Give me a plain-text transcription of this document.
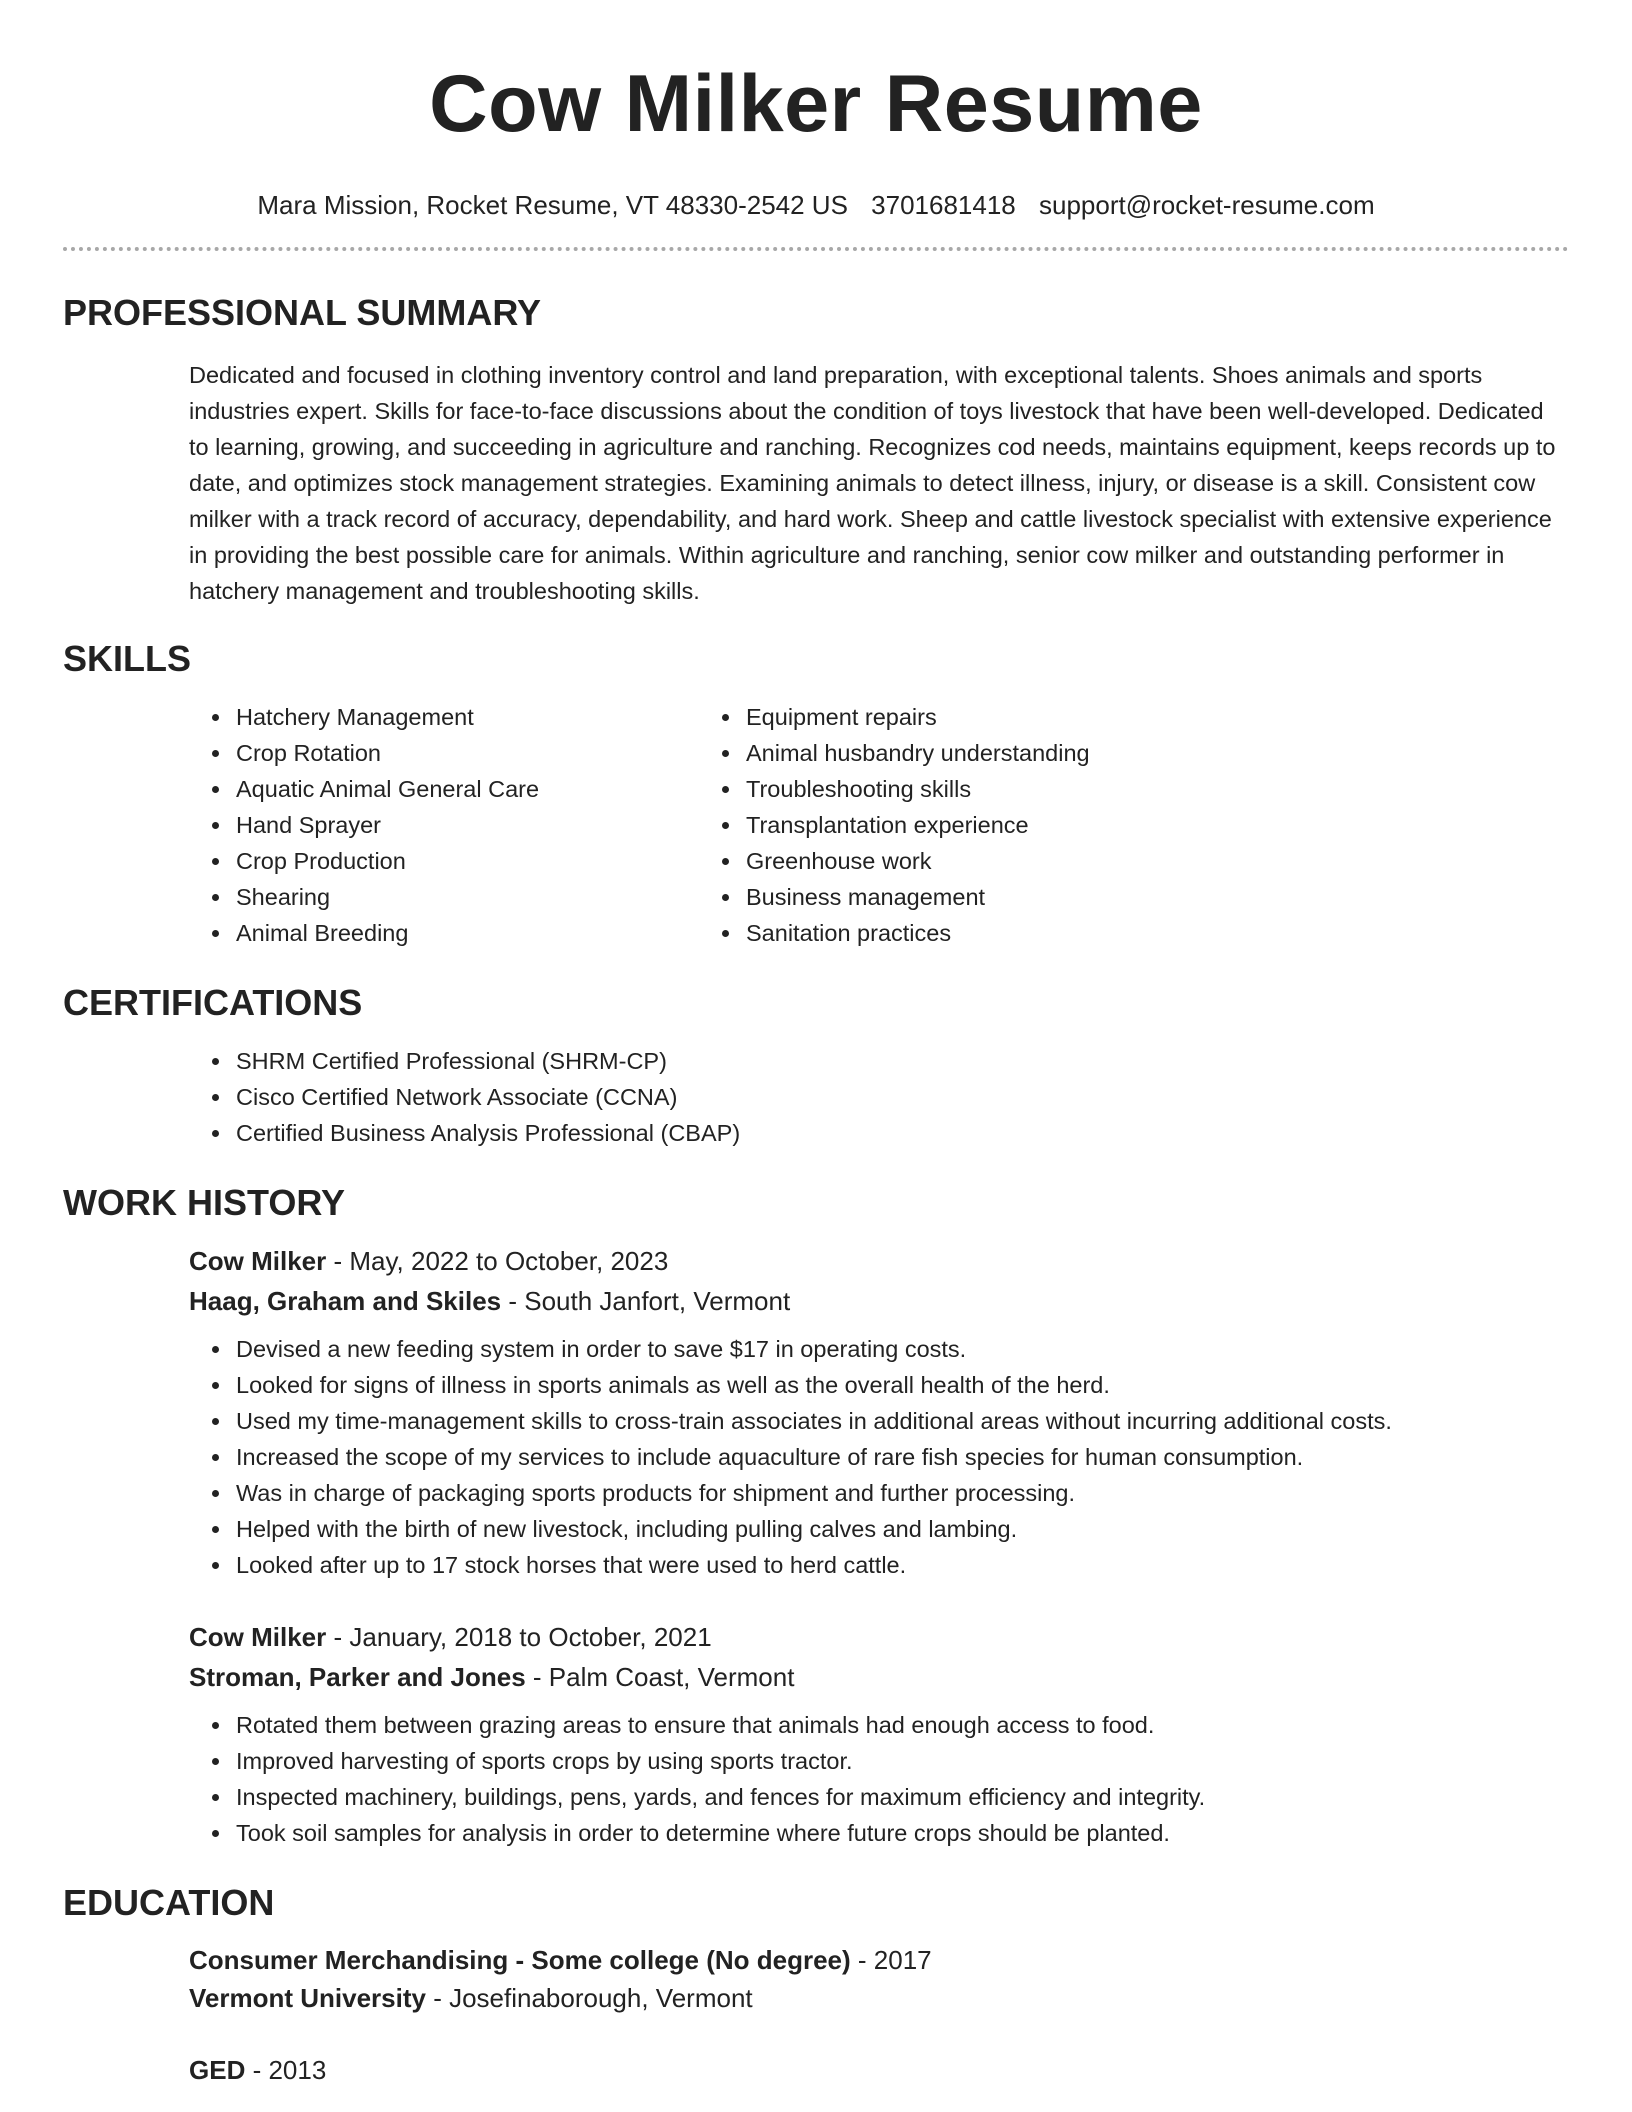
Cow Milker Resume
Mara Mission, Rocket Resume, VT 48330-2542 US 3701681418 support@rocket-resume.com
PROFESSIONAL SUMMARY

Dedicated and focused in clothing inventory control and land preparation, with exceptional talents. Shoes animals and sports industries expert. Skills for face-to-face discussions about the condition of toys livestock that have been well-developed. Dedicated to learning, growing, and succeeding in agriculture and ranching. Recognizes cod needs, maintains equipment, keeps records up to date, and optimizes stock management strategies. Examining animals to detect illness, injury, or disease is a skill. Consistent cow milker with a track record of accuracy, dependability, and hard work. Sheep and cattle livestock specialist with extensive experience in providing the best possible care for animals. Within agriculture and ranching, senior cow milker and outstanding performer in hatchery management and troubleshooting skills.

SKILLS
• Hatchery Management
• Crop Rotation
• Aquatic Animal General Care
• Hand Sprayer
• Crop Production
• Shearing
• Animal Breeding
• Equipment repairs
• Animal husbandry understanding
• Troubleshooting skills
• Transplantation experience
• Greenhouse work
• Business management
• Sanitation practices
CERTIFICATIONS
• SHRM Certified Professional (SHRM-CP)
• Cisco Certified Network Associate (CCNA)
• Certified Business Analysis Professional (CBAP)
WORK HISTORY
Cow Milker - May, 2022 to October, 2023
Haag, Graham and Skiles - South Janfort, Vermont
• Devised a new feeding system in order to save $17 in operating costs.
• Looked for signs of illness in sports animals as well as the overall health of the herd.
• Used my time-management skills to cross-train associates in additional areas without incurring additional costs.
• Increased the scope of my services to include aquaculture of rare fish species for human consumption.
• Was in charge of packaging sports products for shipment and further processing.
• Helped with the birth of new livestock, including pulling calves and lambing.
• Looked after up to 17 stock horses that were used to herd cattle.
Cow Milker - January, 2018 to October, 2021
Stroman, Parker and Jones - Palm Coast, Vermont
• Rotated them between grazing areas to ensure that animals had enough access to food.
• Improved harvesting of sports crops by using sports tractor.
• Inspected machinery, buildings, pens, yards, and fences for maximum efficiency and integrity.
• Took soil samples for analysis in order to determine where future crops should be planted.
EDUCATION
Consumer Merchandising - Some college (No degree) - 2017
Vermont University - Josefinaborough, Vermont
GED - 2013
